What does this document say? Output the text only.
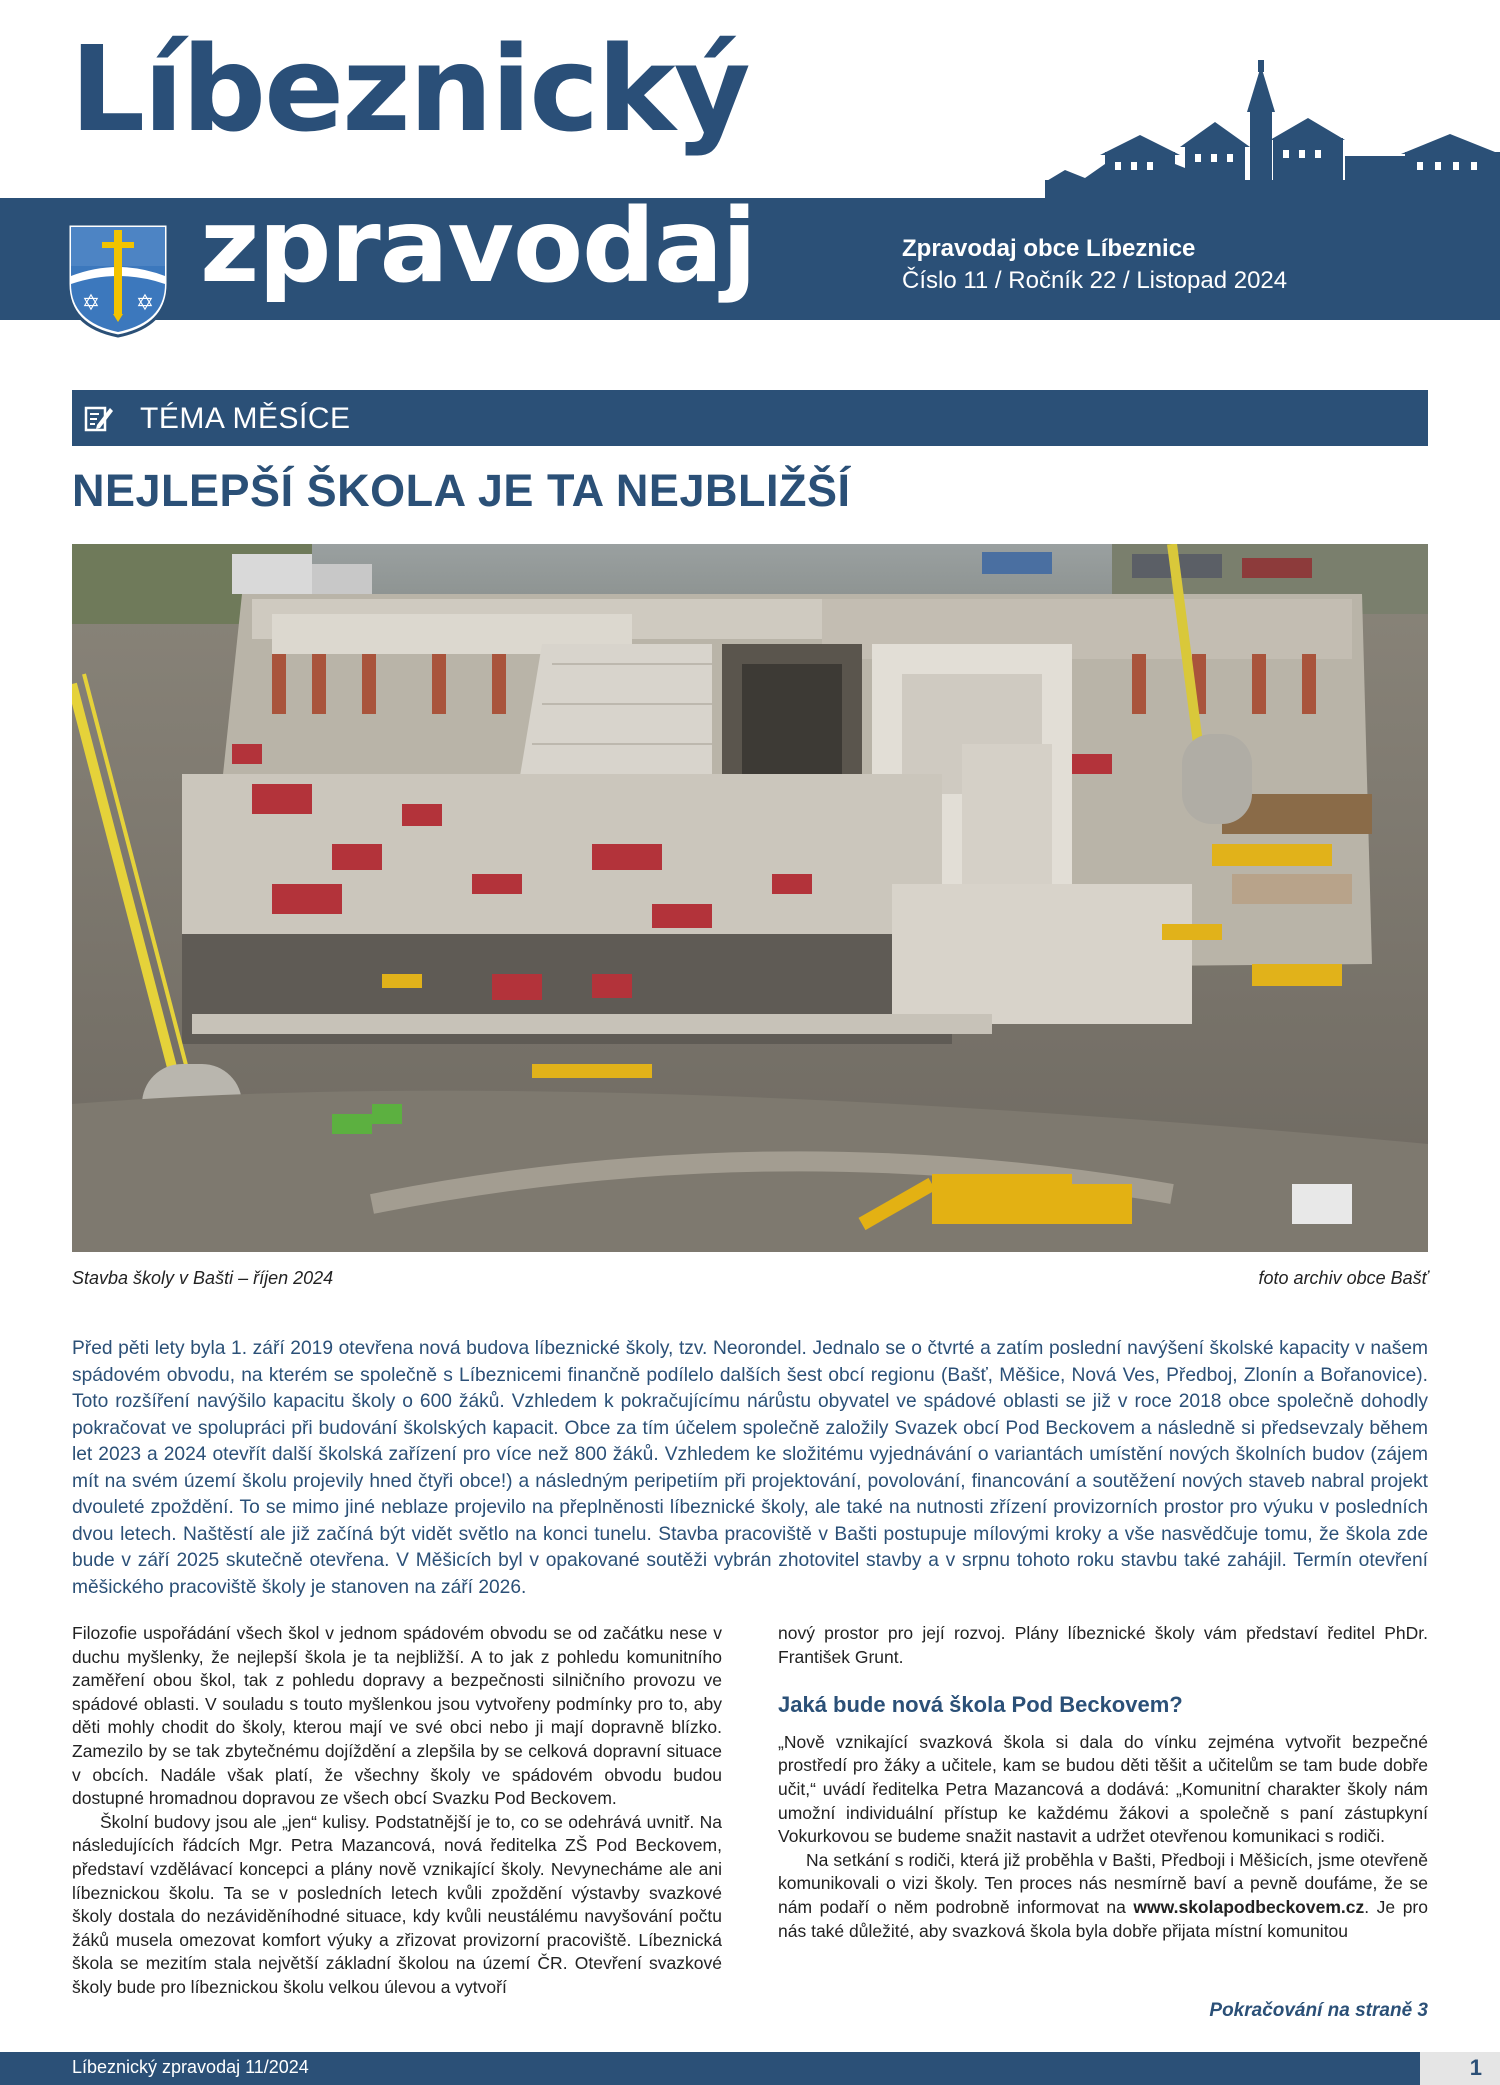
Líbeznický
✡ ✡ zpravodaj	Zpravodaj obce Líbeznice
Číslo 11 / Ročník 22 / Listopad 2024
TÉMA MĚSÍCE
NEJLEPŠÍ ŠKOLA JE TA NEJBLIŽŠÍ
Stavba školy v Bašti – říjen 2024	foto archiv obce Bašť
Před pěti lety byla 1. září 2019 otevřena nová budova líbeznické školy, tzv. Neorondel. Jednalo se o čtvrté a zatím poslední navýšení školské kapacity v našem spádovém obvodu, na kterém se společně s Líbeznicemi finančně podílelo dalších šest obcí regionu (Bašť, Měšice, Nová Ves, Předboj, Zlonín a Bořanovice). Toto rozšíření navýšilo kapacitu školy o 600 žáků. Vzhledem k pokračujícímu nárůstu obyvatel ve spádové oblasti se již v roce 2018 obce společně dohodly pokračovat ve spolupráci při budování školských kapacit. Obce za tím účelem společně založily Svazek obcí Pod Beckovem a následně si předsevzaly během let 2023 a 2024 otevřít další školská zařízení pro více než 800 žáků. Vzhledem ke složitému vyjednávání o variantách umístění nových školních budov (zájem mít na svém území školu projevily hned čtyři obce!) a následným peripetiím při projektování, povolování, financování a soutěžení nových staveb nabral projekt dvouleté zpoždění. To se mimo jiné neblaze projevilo na přeplněnosti líbeznické školy, ale také na nutnosti zřízení provizorních prostor pro výuku v posledních dvou letech. Naštěstí ale již začíná být vidět světlo na konci tunelu. Stavba pracoviště v Bašti postupuje mílovými kroky a vše nasvědčuje tomu, že škola zde bude v září 2025 skutečně otevřena. V Měšicích byl v opakované soutěži vybrán zhotovitel stavby a v srpnu tohoto roku stavbu také zahájil. Termín otevření měšického pracoviště školy je stanoven na září 2026.

Filozofie uspořádání všech škol v jednom spádovém obvodu se od začátku nese v duchu myšlenky, že nejlepší škola je ta nejbližší. A to jak z pohledu komunitního zaměření obou škol, tak z pohledu dopravy a bezpečnosti silničního provozu ve spádové oblasti. V souladu s touto myšlenkou jsou vytvořeny podmínky pro to, aby děti mohly chodit do školy, kterou mají ve své obci nebo ji mají dopravně blízko. Zamezilo by se tak zbytečnému dojíždění a zlepšila by se celková dopravní situace v obcích. Nadále však platí, že všechny školy ve spádovém obvodu budou dostupné hromadnou dopravou ze všech obcí Svazku Pod Beckovem.

Školní budovy jsou ale „jen“ kulisy. Podstatnější je to, co se odehrává uvnitř. Na následujících řádcích Mgr. Petra Mazancová, nová ředitelka ZŠ Pod Beckovem, představí vzdělávací koncepci a plány nově vznikající školy. Nevynecháme ale ani líbeznickou školu. Ta se v posledních letech kvůli zpoždění výstavby svazkové školy dostala do nezáviděníhodné situace, kdy kvůli neustálému navyšování počtu žáků musela omezovat komfort výuky a zřizovat provizorní pracoviště. Líbeznická škola se mezitím stala největší základní školou na území ČR. Otevření svazkové školy bude pro líbeznickou školu velkou úlevou a vytvoří

nový prostor pro její rozvoj. Plány líbeznické školy vám představí ředitel PhDr. František Grunt.

Jaká bude nová škola Pod Beckovem?

„Nově vznikající svazková škola si dala do vínku zejména vytvořit bezpečné prostředí pro žáky a učitele, kam se budou děti těšit a učitelům se tam bude dobře učit,“ uvádí ředitelka Petra Mazancová a dodává: „Komunitní charakter školy nám umožní individuální přístup ke každému žákovi a společně s paní zástupkyní Vokurkovou se budeme snažit nastavit a udržet otevřenou komunikaci s rodiči.

Na setkání s rodiči, která již proběhla v Bašti, Předboji i Měšicích, jsme otevřeně komunikovali o vizi školy. Ten proces nás nesmírně baví a pevně doufáme, že se nám podaří o něm podrobně informovat na www.skolapodbeckovem.cz. Je pro nás také důležité, aby svazková škola byla dobře přijata místní komunitou

Pokračování na straně 3
Líbeznický zpravodaj 11/2024	1
